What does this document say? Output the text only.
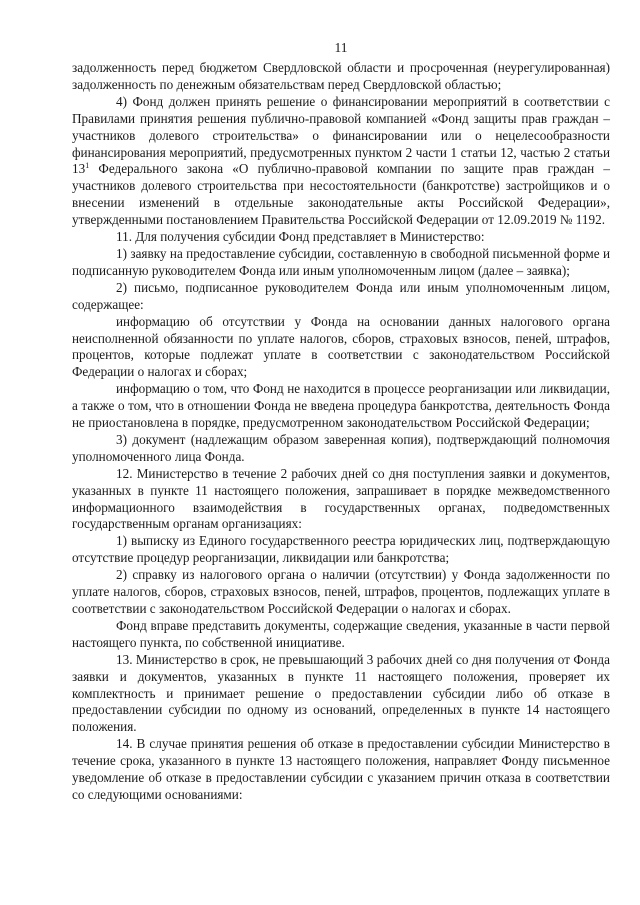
11

задолженность перед бюджетом Свердловской области и просроченная (неурегулированная) задолженность по денежным обязательствам перед Свердловской областью;

4) Фонд должен принять решение о финансировании мероприятий в соответствии с Правилами принятия решения публично-правовой компанией «Фонд защиты прав граждан – участников долевого строительства» о финансировании или о нецелесообразности финансирования мероприятий, предусмотренных пунктом 2 части 1 статьи 12, частью 2 статьи $13^1$ Федерального закона «О публично-правовой компании по защите прав граждан – участников долевого строительства при несостоятельности (банкротстве) застройщиков и о внесении изменений в отдельные законодательные акты Российской Федерации», утвержденными постановлением Правительства Российской Федерации от 12.09.2019 № 1192.

11. Для получения субсидии Фонд представляет в Министерство:

1) заявку на предоставление субсидии, составленную в свободной письменной форме и подписанную руководителем Фонда или иным уполномоченным лицом (далее – заявка);

2) письмо, подписанное руководителем Фонда или иным уполномоченным лицом, содержащее:

информацию об отсутствии у Фонда на основании данных налогового органа неисполненной обязанности по уплате налогов, сборов, страховых взносов, пеней, штрафов, процентов, которые подлежат уплате в соответствии с законодательством Российской Федерации о налогах и сборах;

информацию о том, что Фонд не находится в процессе реорганизации или ликвидации, а также о том, что в отношении Фонда не введена процедура банкротства, деятельность Фонда не приостановлена в порядке, предусмотренном законодательством Российской Федерации;

3) документ (надлежащим образом заверенная копия), подтверждающий полномочия уполномоченного лица Фонда.

12. Министерство в течение 2 рабочих дней со дня поступления заявки и документов, указанных в пункте 11 настоящего положения, запрашивает в порядке межведомственного информационного взаимодействия в государственных органах, подведомственных государственным органам организациях:

1) выписку из Единого государственного реестра юридических лиц, подтверждающую отсутствие процедур реорганизации, ликвидации или банкротства;

2) справку из налогового органа о наличии (отсутствии) у Фонда задолженности по уплате налогов, сборов, страховых взносов, пеней, штрафов, процентов, подлежащих уплате в соответствии с законодательством Российской Федерации о налогах и сборах.

Фонд вправе представить документы, содержащие сведения, указанные в части первой настоящего пункта, по собственной инициативе.

13. Министерство в срок, не превышающий 3 рабочих дней со дня получения от Фонда заявки и документов, указанных в пункте 11 настоящего положения, проверяет их комплектность и принимает решение о предоставлении субсидии либо об отказе в предоставлении субсидии по одному из оснований, определенных в пункте 14 настоящего положения.

14. В случае принятия решения об отказе в предоставлении субсидии Министерство в течение срока, указанного в пункте 13 настоящего положения, направляет Фонду письменное уведомление об отказе в предоставлении субсидии с указанием причин отказа в соответствии со следующими основаниями:
